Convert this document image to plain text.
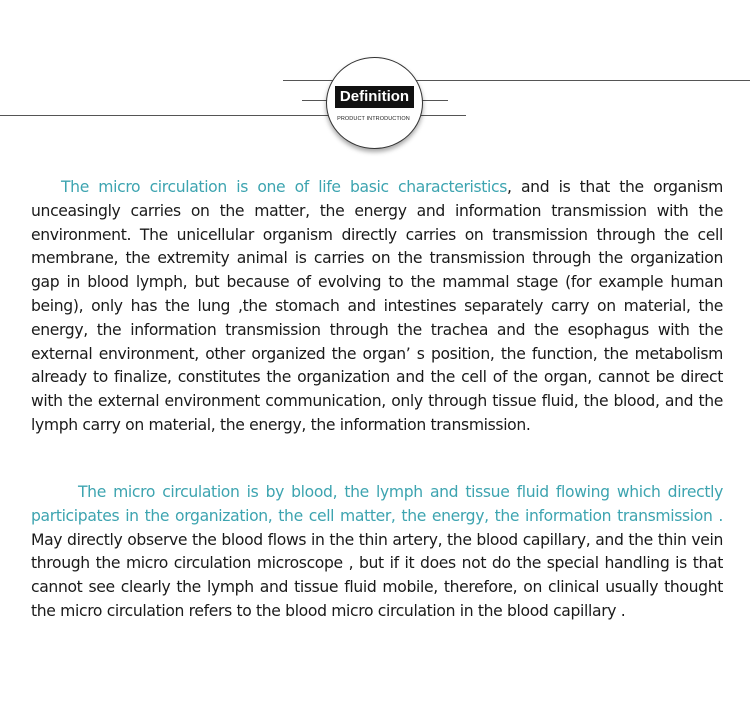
Definition
PRODUCT INTRODUCTION

The micro circulation is one of life basic characteristics, and is that the organism unceasingly carries on the matter, the energy and information transmission with the environment. The unicellular organism directly carries on transmission through the cell membrane, the extremity animal is carries on the transmission through the organization gap in blood lymph, but because of evolving to the mammal stage (for example human being), only has the lung ,the stomach and intestines separately carry on material, the energy, the information transmission through the trachea and the esophagus with the external environment, other organized the organ’ s position, the function, the metabolism already to finalize, constitutes the organization and the cell of the organ, cannot be direct with the external environment communication, only through tissue fluid, the blood, and the lymph carry on material, the energy, the information transmission.

The micro circulation is by blood, the lymph and tissue fluid flowing which directly participates in the organization, the cell matter, the energy, the information transmission . May directly observe the blood flows in the thin artery, the blood capillary, and the thin vein through the micro circulation microscope , but if it does not do the special handling is that cannot see clearly the lymph and tissue fluid mobile, therefore, on clinical usually thought the micro circulation refers to the blood micro circulation in the blood capillary .
